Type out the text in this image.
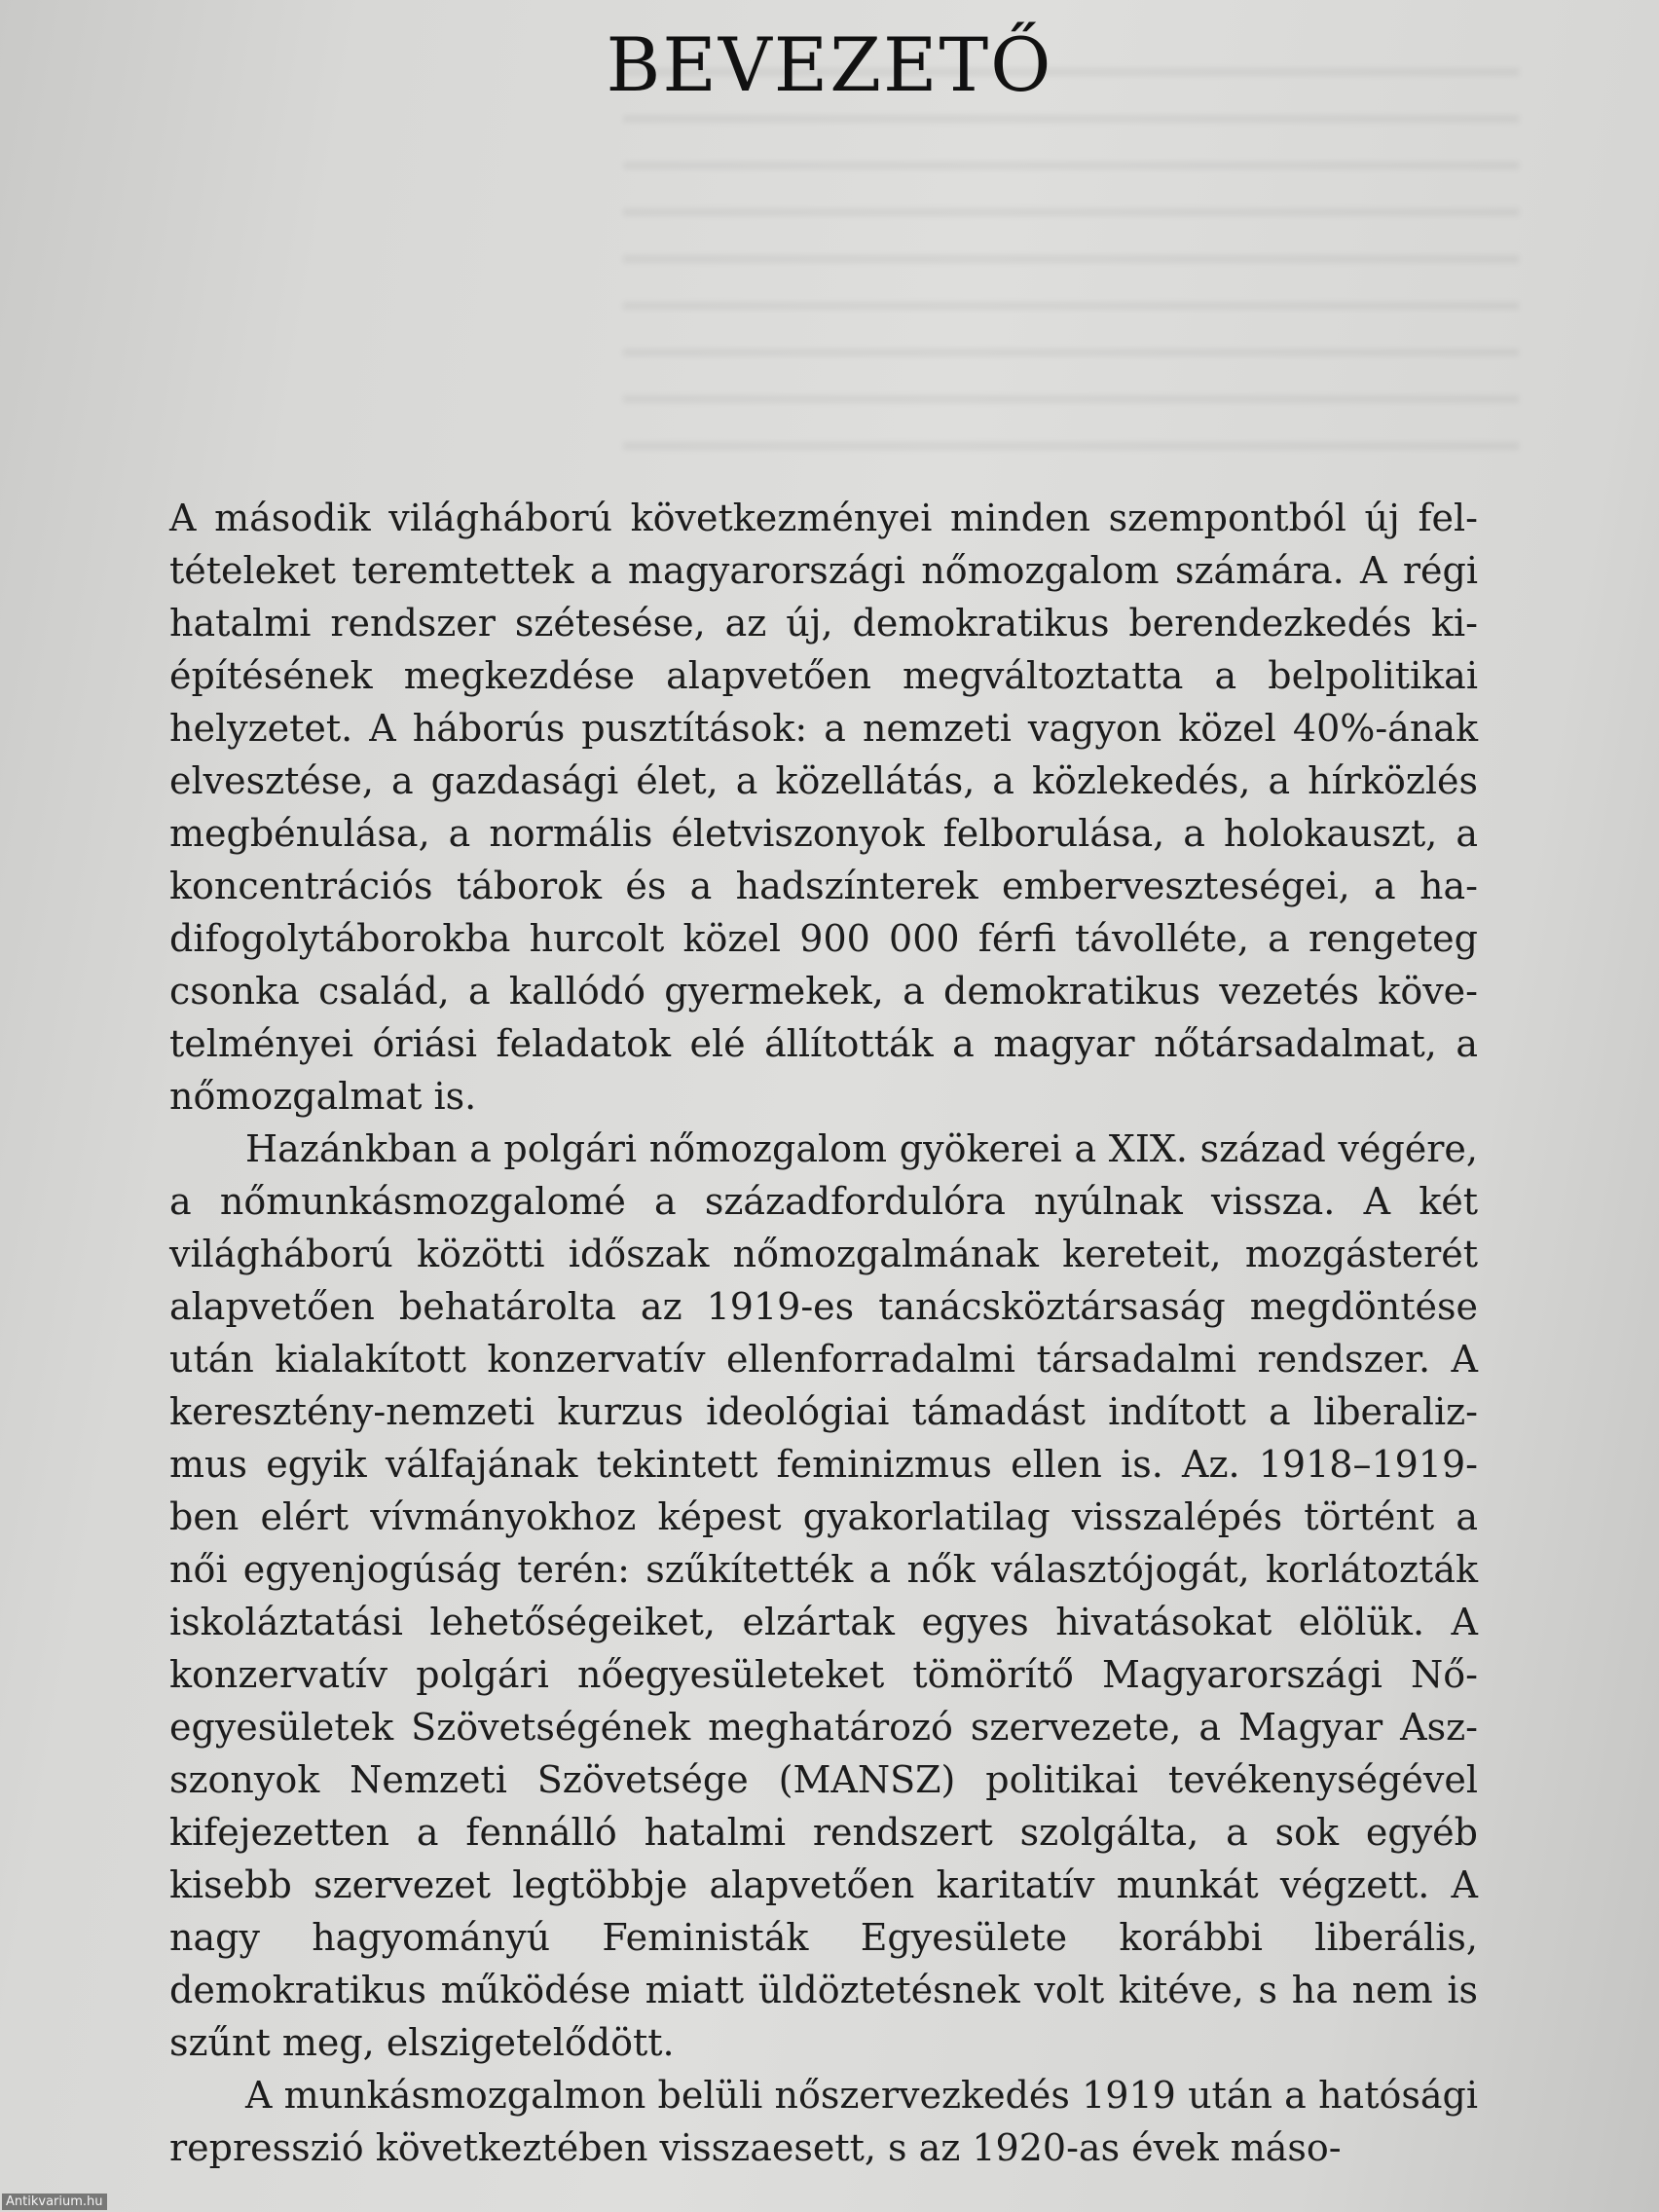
BEVEZETŐ

A második világháború következményei minden szempontból új feltételeket teremtettek a magyarországi nőmozgalom számára. A régi hatalmi rendszer szétesése, az új, demokratikus berendezkedés kiépítésének megkezdése alapvetően megváltoztatta a belpolitikai helyzetet. A háborús pusztítások: a nemzeti vagyon közel 40%-ának elvesztése, a gazdasági élet, a közellátás, a közlekedés, a hírközlés megbénulása, a normális életviszonyok felborulása, a holokauszt, a koncentrációs táborok és a hadszínterek emberveszteségei, a hadifogolytáborokba hurcolt közel 900 000 férfi távolléte, a rengeteg csonka család, a kallódó gyermekek, a demokratikus vezetés követelményei óriási feladatok elé állították a magyar nőtársadalmat, a nőmozgalmat is.

Hazánkban a polgári nőmozgalom gyökerei a XIX. század végére, a nőmunkásmozgalomé a századfordulóra nyúlnak vissza. A két világháború közötti időszak nőmozgalmának kereteit, mozgásterét alapvetően behatárolta az 1919-es tanácsköztársaság megdöntése után kialakított konzervatív ellenforradalmi társadalmi rendszer. A keresztény-nemzeti kurzus ideológiai támadást indított a liberalizmus egyik válfajának tekintett feminizmus ellen is. Az. 1918–1919-ben elért vívmányokhoz képest gyakorlatilag visszalépés történt a női egyenjogúság terén: szűkítették a nők választójogát, korlátozták iskoláztatási lehetőségeiket, elzártak egyes hivatásokat elölük. A konzervatív polgári nőegyesületeket tömörítő Magyarországi Nőegyesületek Szövetségének meghatározó szervezete, a Magyar Aszszonyok Nemzeti Szövetsége (MANSZ) politikai tevékenységével kifejezetten a fennálló hatalmi rendszert szolgálta, a sok egyéb kisebb szervezet legtöbbje alapvetően karitatív munkát végzett. A nagy hagyományú Feministák Egyesülete korábbi liberális, demokratikus működése miatt üldöztetésnek volt kitéve, s ha nem is szűnt meg, elszigetelődött.

A munkásmozgalmon belüli nőszervezkedés 1919 után a hatósági represszió következtében visszaesett, s az 1920-as évek máso-

Antikvarium.hu
